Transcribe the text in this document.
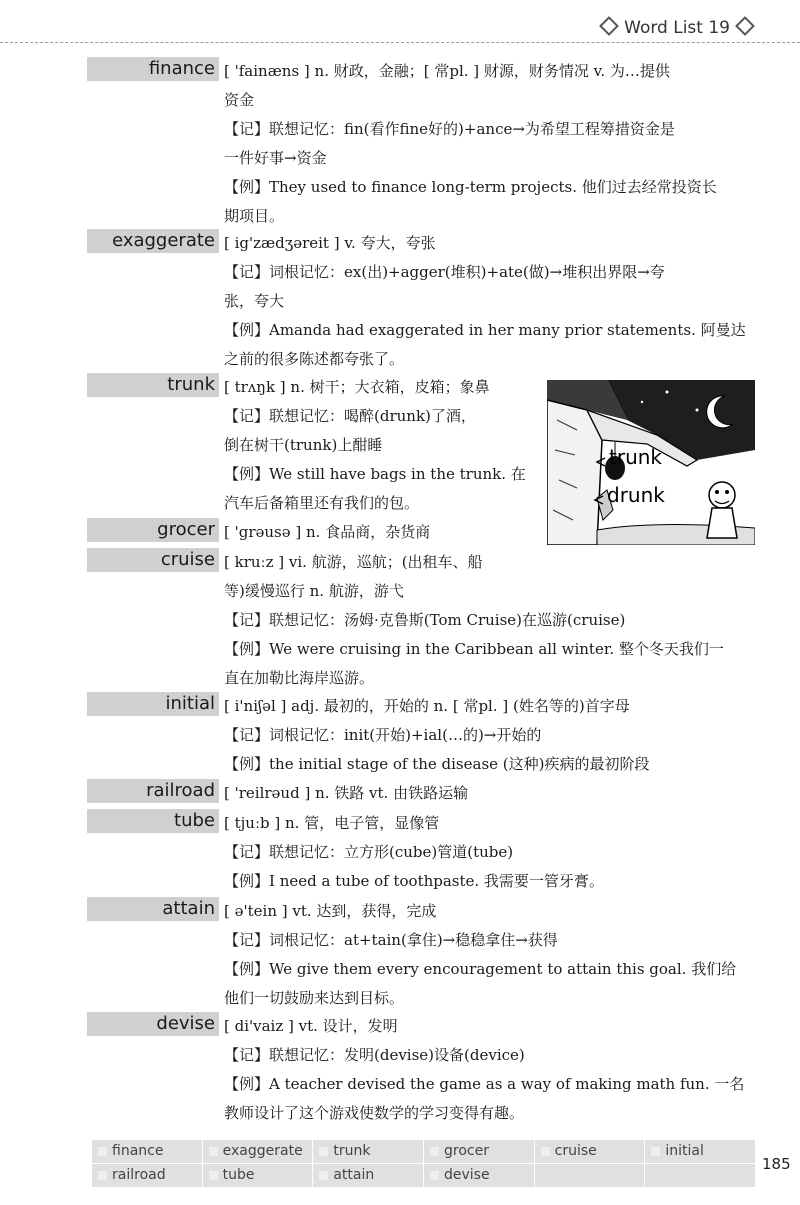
Word List 19
finance [ 'fainæns ] n. 财政，金融；[ 常pl. ] 财源，财务情况 v. 为…提供

资金

【记】联想记忆：fin(看作fine好的)+ance→为希望工程筹措资金是

一件好事→资金

【例】They used to finance long-term projects. 他们过去经常投资长

期项目。

exaggerate [ ig'zædʒəreit ] v. 夸大，夸张

【记】词根记忆：ex(出)+agger(堆积)+ate(做)→堆积出界限→夸

张，夸大

【例】Amanda had exaggerated in her many prior statements. 阿曼达

之前的很多陈述都夸张了。

trunk [ trʌŋk ] n. 树干；大衣箱，皮箱；象鼻

【记】联想记忆：喝醉(drunk)了酒，

倒在树干(trunk)上酣睡

【例】We still have bags in the trunk. 在

汽车后备箱里还有我们的包。

trunk
drunk
grocer [ 'grəusə ] n. 食品商，杂货商

cruise [ kruːz ] vi. 航游，巡航；(出租车、船

等)缓慢巡行 n. 航游，游弋

【记】联想记忆：汤姆·克鲁斯(Tom Cruise)在巡游(cruise)

【例】We were cruising in the Caribbean all winter. 整个冬天我们一

直在加勒比海岸巡游。

initial [ i'niʃəl ] adj. 最初的，开始的 n. [ 常pl. ] (姓名等的)首字母

【记】词根记忆：init(开始)+ial(…的)→开始的

【例】the initial stage of the disease (这种)疾病的最初阶段

railroad [ 'reilrəud ] n. 铁路 vt. 由铁路运输

tube [ tjuːb ] n. 管，电子管，显像管

【记】联想记忆：立方形(cube)管道(tube)

【例】I need a tube of toothpaste. 我需要一管牙膏。

attain [ ə'tein ] vt. 达到，获得，完成

【记】词根记忆：at+tain(拿住)→稳稳拿住→获得

【例】We give them every encouragement to attain this goal. 我们给

他们一切鼓励来达到目标。

devise [ di'vaiz ] vt. 设计，发明

【记】联想记忆：发明(devise)设备(device)

【例】A teacher devised the game as a way of making math fun. 一名

教师设计了这个游戏使数学的学习变得有趣。

finance	exaggerate	trunk	grocer	cruise	initial
railroad	tube	attain	devise
185
